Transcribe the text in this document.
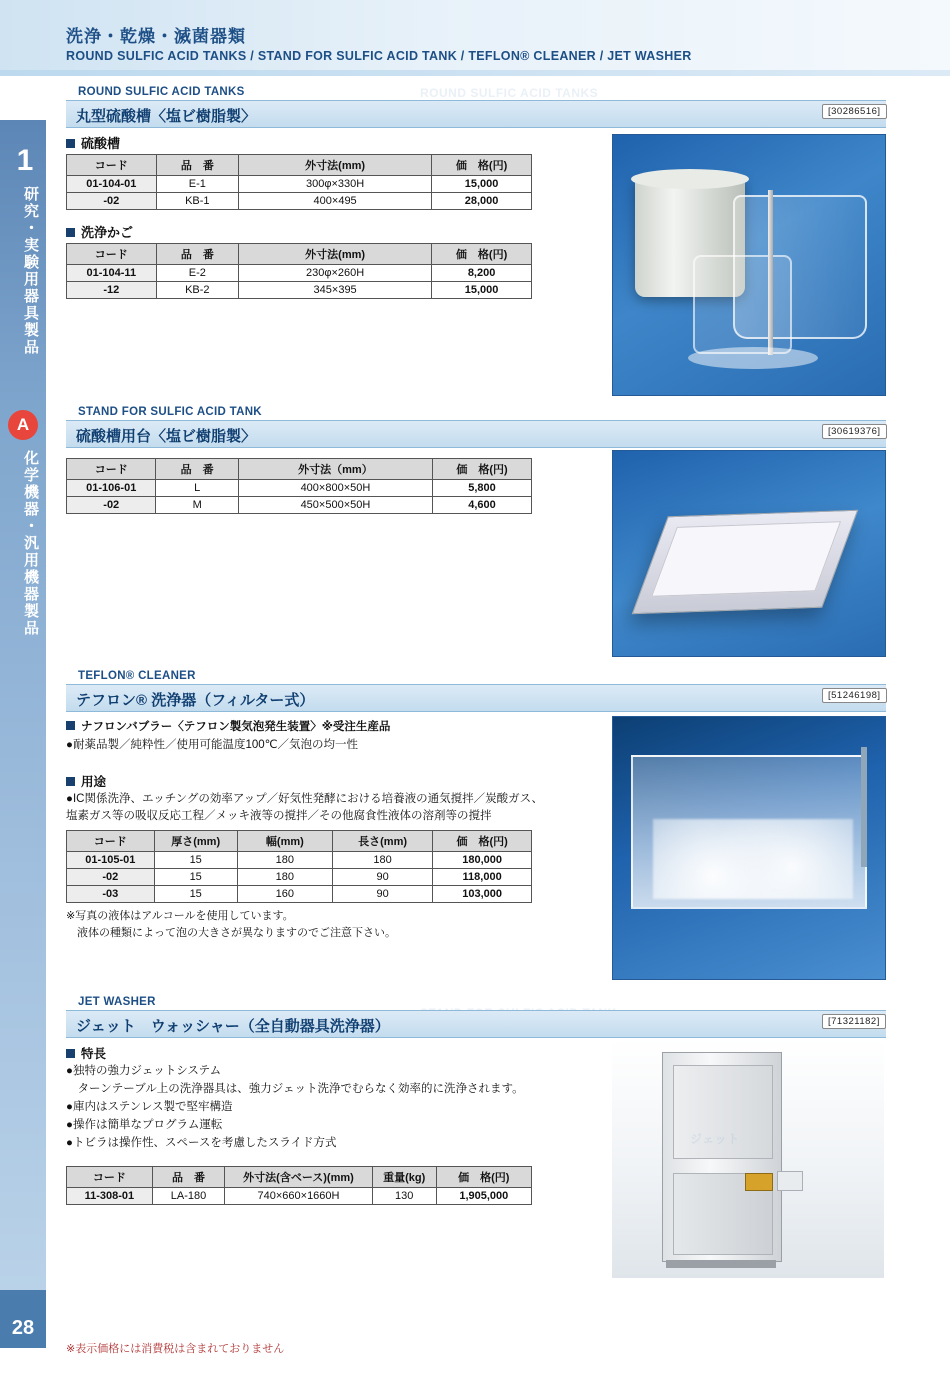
洗浄・乾燥・滅菌器類
ROUND SULFIC ACID TANKS / STAND FOR SULFIC ACID TANK / TEFLON® CLEANER / JET WASHER
1
研究・実験用器具製品
A
化学機器・汎用機器製品
28
ROUND SULFIC ACID TANKS
ROUND SULFIC ACID TANKS
丸型硫酸槽〈塩ビ樹脂製〉	[30286516]
硫酸槽
コード	品　番	外寸法(mm)	価　格(円)
01-104-01	E-1	300φ×330H	15,000
-02	KB-1	400×495	28,000
洗浄かご
コード	品　番	外寸法(mm)	価　格(円)
01-104-11	E-2	230φ×260H	8,200
-12	KB-2	345×395	15,000
STAND FOR SULFIC ACID TANK
硫酸槽用台〈塩ビ樹脂製〉	[30619376]
コード	品　番	外寸法（mm）	価　格(円)
01-106-01	L	400×800×50H	5,800
-02	M	450×500×50H	4,600
TEFLON® CLEANER
テフロン® 洗浄器（フィルター式）	[51246198]
ナフロンバブラー〈テフロン製気泡発生装置〉※受注生産品
●耐薬品製／純粋性／使用可能温度100℃／気泡の均一性
用途
●IC関係洗浄、エッチングの効率アップ／好気性発酵における培養液の通気撹拌／炭酸ガス、
塩素ガス等の吸収反応工程／メッキ液等の撹拌／その他腐食性液体の溶剤等の撹拌
コード	厚さ(mm)	幅(mm)	長さ(mm)	価　格(円)
01-105-01	15	180	180	180,000
-02	15	180	90	118,000
-03	15	160	90	103,000
※写真の液体はアルコールを使用しています。
　液体の種類によって泡の大きさが異なりますのでご注意下さい。
JET WASHER
ジェット　ウォッシャー（全自動器具洗浄器）	[71321182]
特長
●独特の強力ジェットシステム
　ターンテーブル上の洗浄器具は、強力ジェット洗浄でむらなく効率的に洗浄されます。
●庫内はステンレス製で堅牢構造
●操作は簡単なプログラム運転
●トビラは操作性、スペースを考慮したスライド方式
コード	品　番	外寸法(含ベース)(mm)	重量(kg)	価　格(円)
11-308-01	LA-180	740×660×1660H	130	1,905,000
※表示価格には消費税は含まれておりません
